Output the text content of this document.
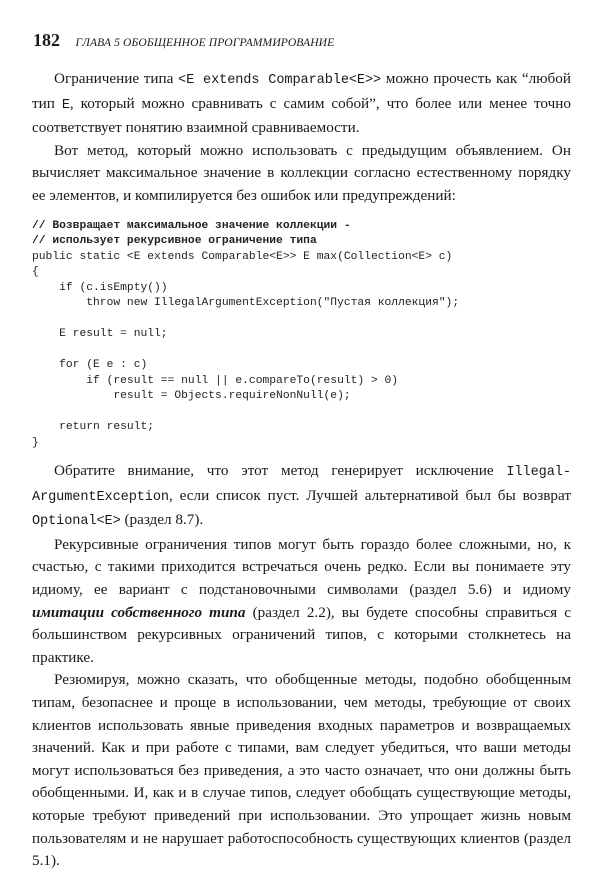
182 ГЛАВА 5 ОБОБЩЕННОЕ ПРОГРАММИРОВАНИЕ

Ограничение типа <E extends Comparable<E>> можно прочесть как “любой тип E, который можно сравнивать с самим собой”, что более или менее точно соответствует понятию взаимной сравниваемости.

Вот метод, который можно использовать с предыдущим объявлением. Он вычисляет максимальное значение в коллекции согласно естественному порядку ее элементов, и компилируется без ошибок или предупреждений:

// Возвращает максимальное значение коллекции -
// использует рекурсивное ограничение типа
public static <E extends Comparable<E>> E max(Collection<E> c)
{
if (c.isEmpty())
throw new IllegalArgumentException("Пустая коллекция");

E result = null;

for (E e : c)
if (result == null || e.compareTo(result) > 0)
result = Objects.requireNonNull(e);

return result;
}

Обратите внимание, что этот метод генерирует исключение IllegalArgumentException, если список пуст. Лучшей альтернативой был бы возврат Optional<E> (раздел 8.7).

Рекурсивные ограничения типов могут быть гораздо более сложными, но, к счастью, с такими приходится встречаться очень редко. Если вы понимаете эту идиому, ее вариант с подстановочными символами (раздел 5.6) и идиому имитации собственного типа (раздел 2.2), вы будете способны справиться с большинством рекурсивных ограничений типов, с которыми столкнетесь на практике.

Резюмируя, можно сказать, что обобщенные методы, подобно обобщенным типам, безопаснее и проще в использовании, чем методы, требующие от своих клиентов использовать явные приведения входных параметров и возвращаемых значений. Как и при работе с типами, вам следует убедиться, что ваши методы могут использоваться без приведения, а это часто означает, что они должны быть обобщенными. И, как и в случае типов, следует обобщать существующие методы, которые требуют приведений при использовании. Это упрощает жизнь новым пользователям и не нарушает работоспособность существующих клиентов (раздел 5.1).
